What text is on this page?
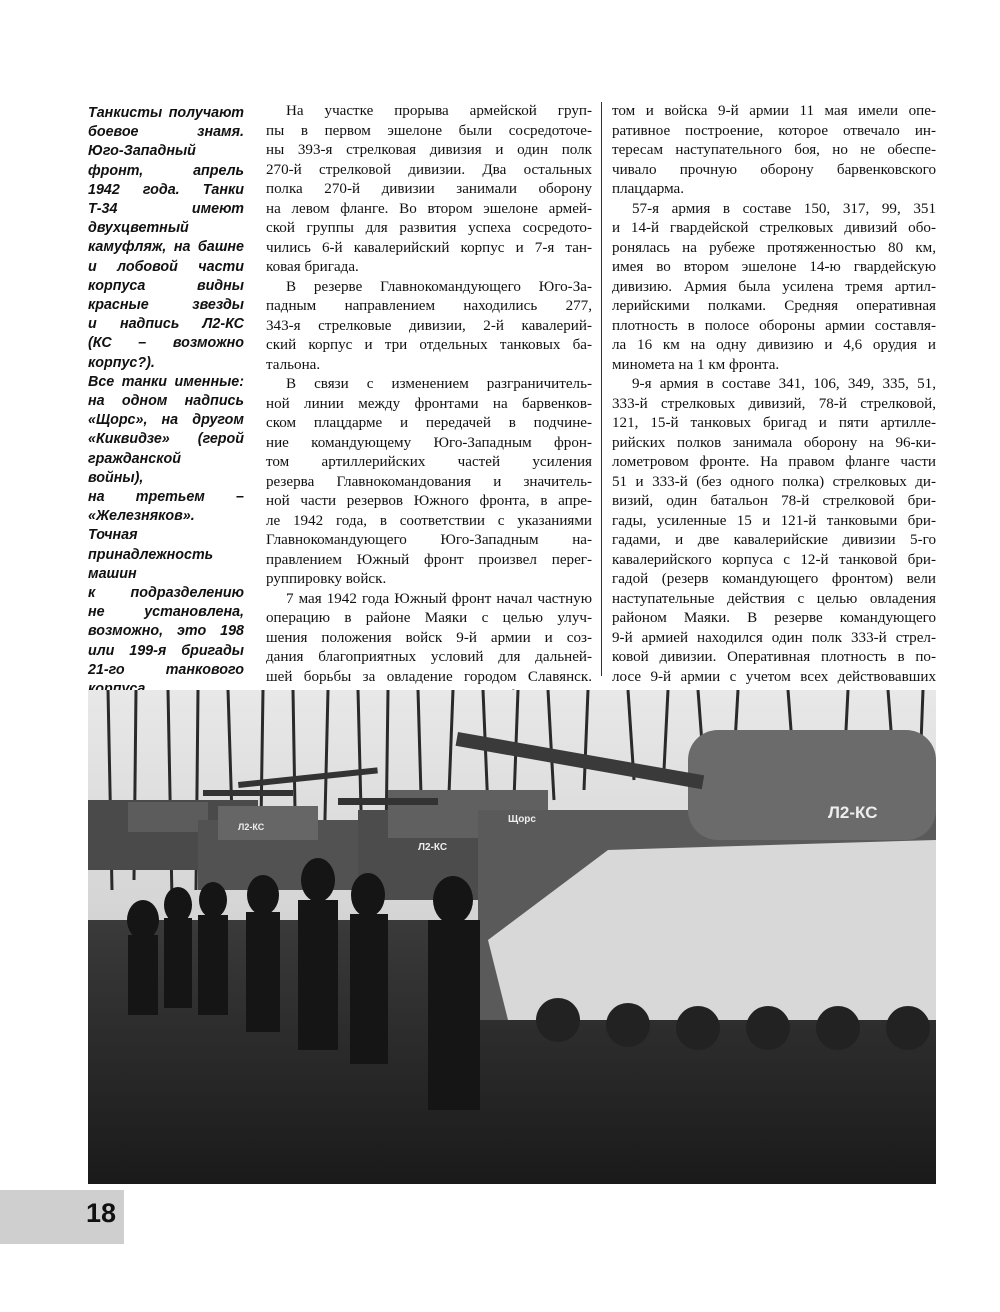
Танкисты получают
боевое знамя.
Юго-Западный
фронт, апрель
1942 года. Танки
Т-34 имеют
двухцветный
камуфляж, на башне
и лобовой части
корпуса видны
красные звезды
и надпись Л2-КС
(КС – возможно
корпус?).
Все танки именные:
на одном надпись
«Щорс», на другом
«Киквидзе» (герой
гражданской
войны),
на третьем –
«Железняков».
Точная
принадлежность
машин
к подразделению
не установлена,
возможно, это 198
или 199-я бригады
21-го танкового
На участке прорыва армейской груп-
пы в первом эшелоне были сосредоточе-
ны 393-я стрелковая дивизия и один полк
270-й стрелковой дивизии. Два остальных
полка 270-й дивизии занимали оборону
на левом фланге. Во втором эшелоне армей-
ской группы для развития успеха сосредото-
чились 6-й кавалерийский корпус и 7-я тан-
ковая бригада.
В резерве Главнокомандующего Юго-За-
падным направлением находились 277,
343-я стрелковые дивизии, 2-й кавалерий-
ский корпус и три отдельных танковых ба-
тальона.
В связи с изменением разграничитель-
ной линии между фронтами на барвенков-
ском плацдарме и передачей в подчине-
ние командующему Юго-Западным фрон-
том артиллерийских частей усиления
резерва Главнокомандования и значитель-
ной части резервов Южного фронта, в апре-
ле 1942 года, в соответствии с указаниями
Главнокомандующего Юго-Западным на-
правлением Южный фронт произвел перег-
руппировку войск.
7 мая 1942 года Южный фронт начал частную
операцию в районе Маяки с целью улуч-
шения положения войск 9-й армии и соз-
дания благоприятных условий для дальней-
шей борьбы за овладение городом Славянск.
том и войска 9-й армии 11 мая имели опе-
ративное построение, которое отвечало ин-
тересам наступательного боя, но не обеспе-
чивало прочную оборону барвенковского
плацдарма.
57-я армия в составе 150, 317, 99, 351
и 14-й гвардейской стрелковых дивизий обо-
ронялась на рубеже протяженностью 80 км,
имея во втором эшелоне 14-ю гвардейскую
дивизию. Армия была усилена тремя артил-
лерийскими полками. Средняя оперативная
плотность в полосе обороны армии составля-
ла 16 км на одну дивизию и 4,6 орудия и
миномета на 1 км фронта.
9-я армия в составе 341, 106, 349, 335, 51,
333-й стрелковых дивизий, 78-й стрелковой,
121, 15-й танковых бригад и пяти артилле-
рийских полков занимала оборону на 96-ки-
лометровом фронте. На правом фланге части
51 и 333-й (без одного полка) стрелковых ди-
визий, один батальон 78-й стрелковой бри-
гады, усиленные 15 и 121-й танковыми бри-
гадами, и две кавалерийские дивизии 5-го
кавалерийского корпуса с 12-й танковой бри-
гадой (резерв командующего фронтом) вели
наступательные действия с целью овладения
районом Маяки. В резерве командующего
9-й армией находился один полк 333-й стрел-
ковой дивизии. Оперативная плотность в по-
лосе 9-й армии с учетом всех действовавших
Л2-КС
Л2-КС
Щорс	Л2-КС
18
